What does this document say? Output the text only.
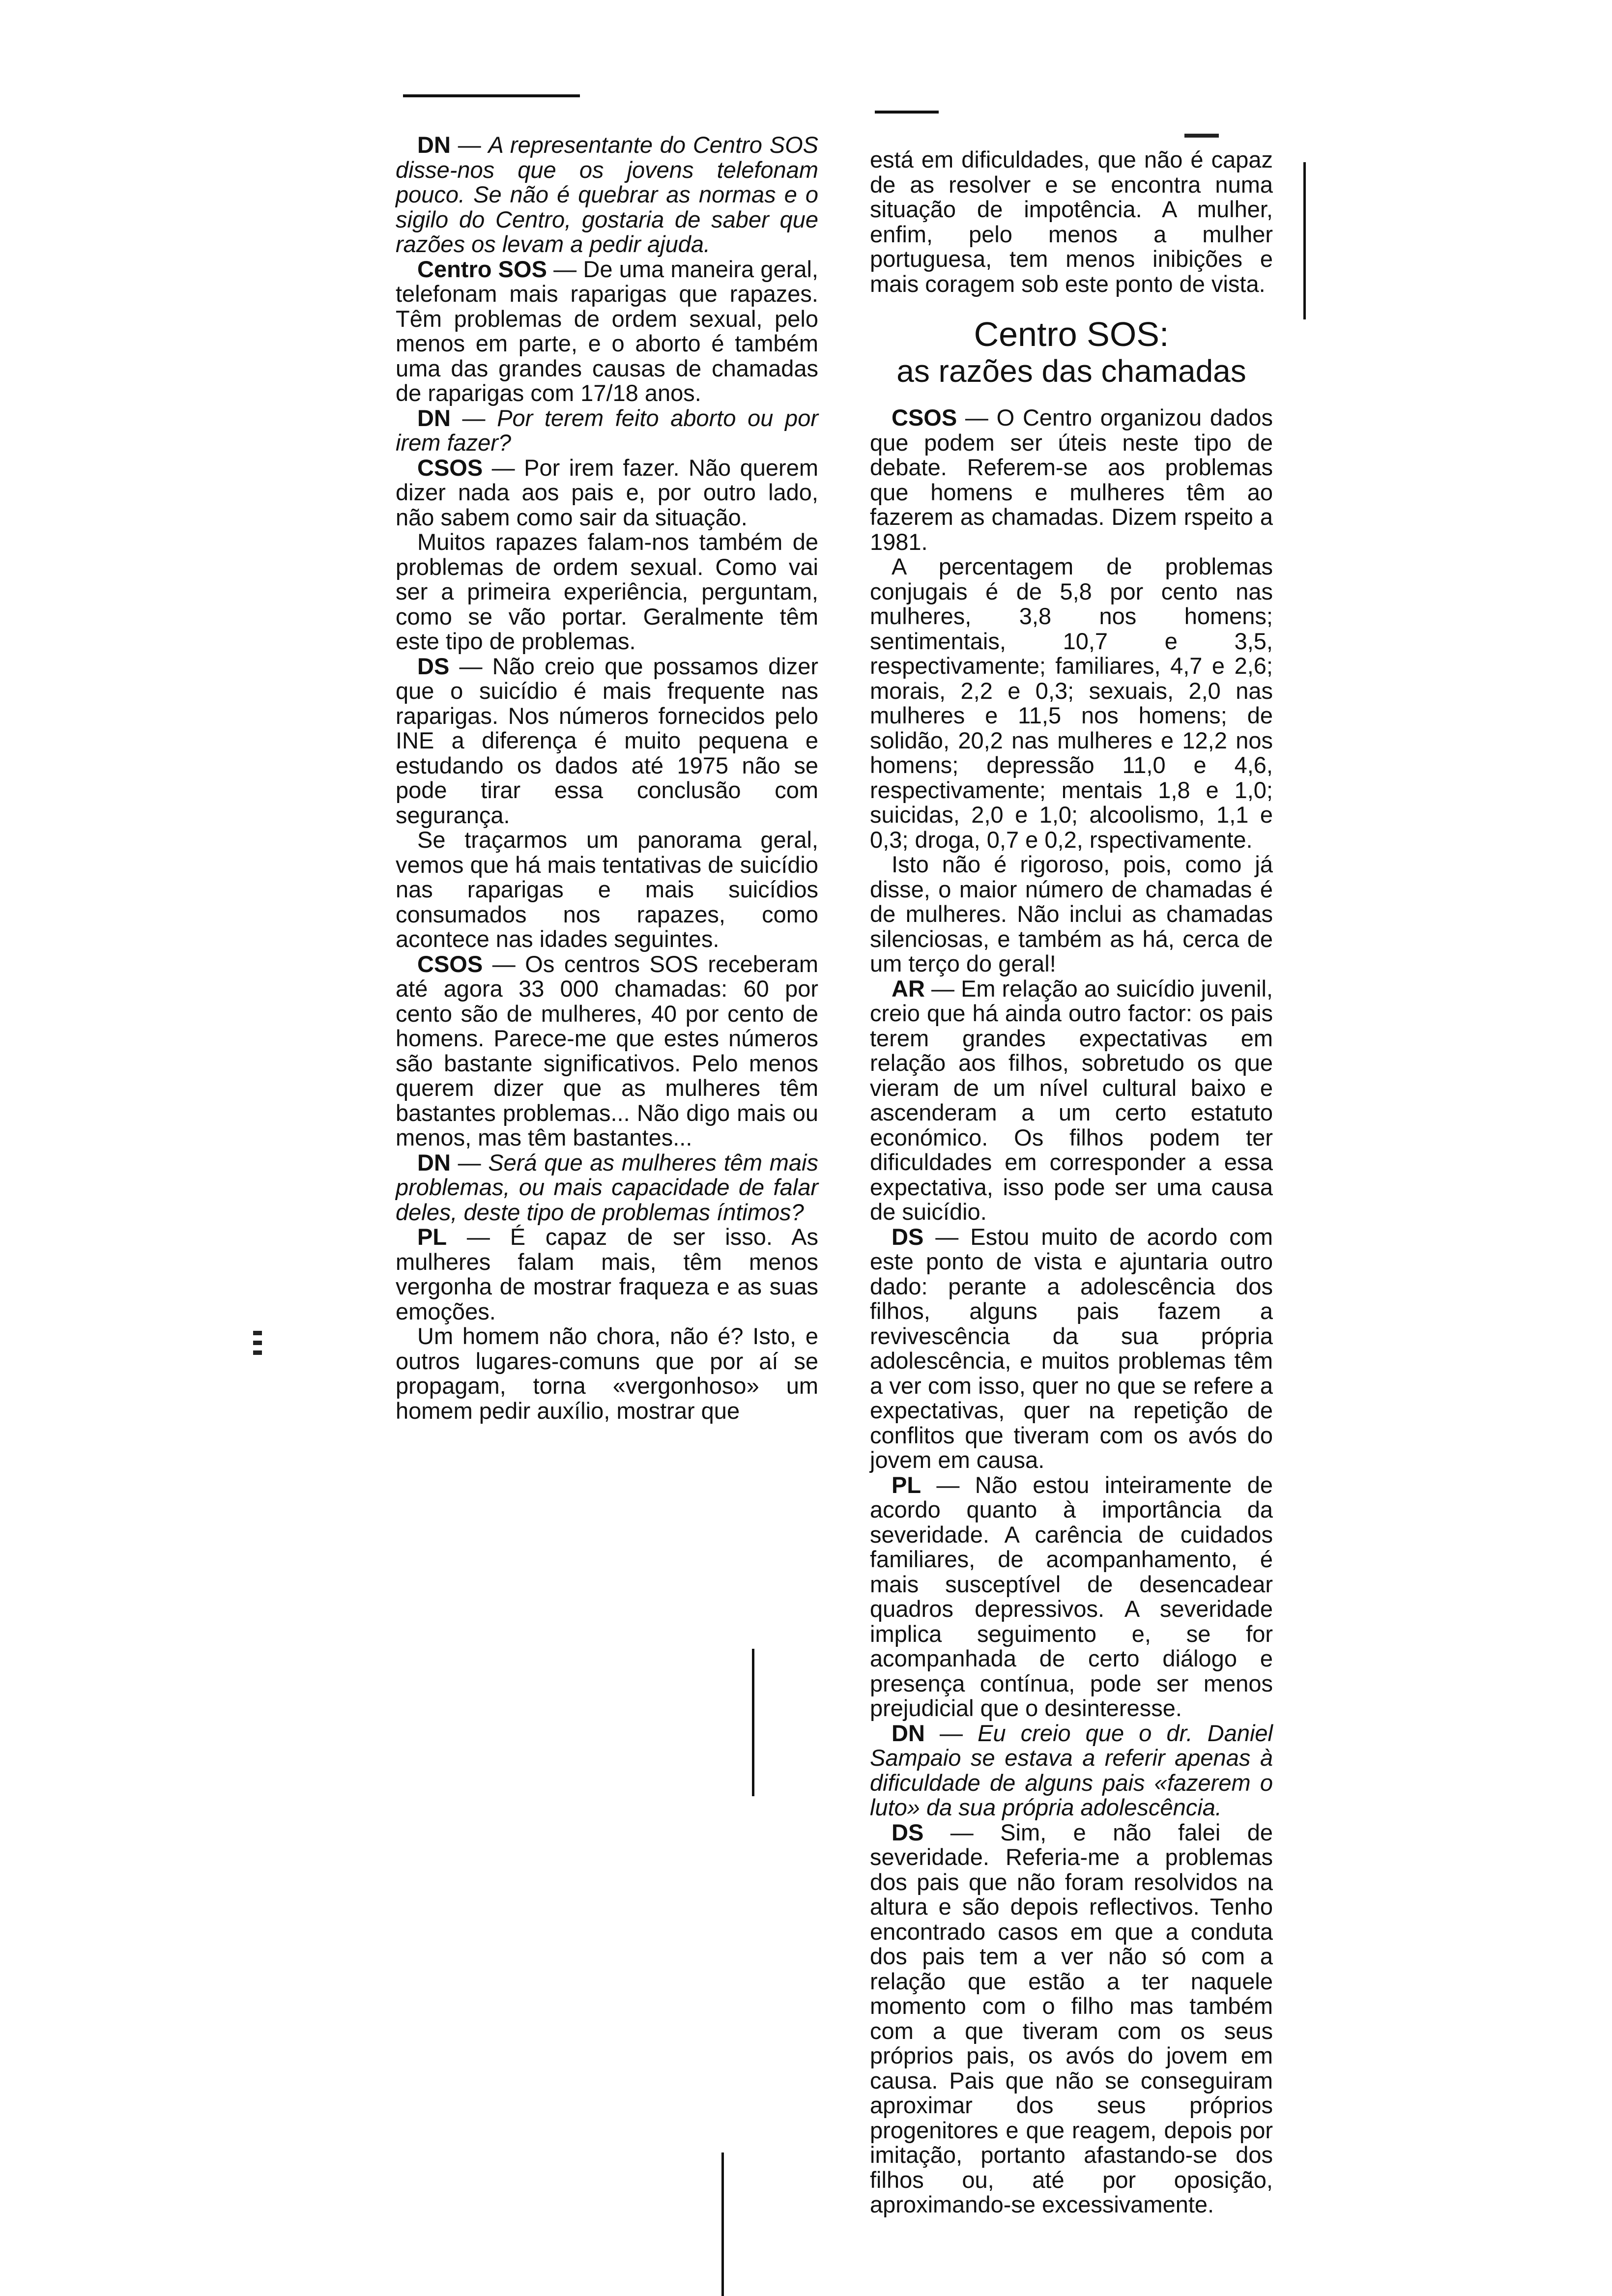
DN — A representante do Centro SOS disse-nos que os jovens telefonam pouco. Se não é quebrar as normas e o sigilo do Centro, gostaria de saber que razões os levam a pedir ajuda.

Centro SOS — De uma maneira geral, telefonam mais raparigas que rapazes. Têm problemas de ordem sexual, pelo menos em parte, e o aborto é também uma das grandes causas de chamadas de raparigas com 17/18 anos.

DN — Por terem feito aborto ou por irem fazer?

CSOS — Por irem fazer. Não querem dizer nada aos pais e, por outro lado, não sabem como sair da situação.

Muitos rapazes falam-nos também de problemas de ordem sexual. Como vai ser a primeira experiência, perguntam, como se vão portar. Geralmente têm este tipo de problemas.

DS — Não creio que possamos dizer que o suicídio é mais frequente nas raparigas. Nos números fornecidos pelo INE a diferença é muito pequena e estudando os dados até 1975 não se pode tirar essa conclusão com segurança.

Se traçarmos um panorama geral, vemos que há mais tentativas de suicídio nas raparigas e mais suicídios consumados nos rapazes, como acontece nas idades seguintes.

CSOS — Os centros SOS receberam até agora 33 000 chamadas: 60 por cento são de mulheres, 40 por cento de homens. Parece-me que estes números são bastante significativos. Pelo menos querem dizer que as mulheres têm bastantes problemas... Não digo mais ou menos, mas têm bastantes...

DN — Será que as mulheres têm mais problemas, ou mais capacidade de falar deles, deste tipo de problemas íntimos?

PL — É capaz de ser isso. As mulheres falam mais, têm menos vergonha de mostrar fraqueza e as suas emoções.

Um homem não chora, não é? Isto, e outros lugares-comuns que por aí se propagam, torna «vergonhoso» um homem pedir auxílio, mostrar que

está em dificuldades, que não é capaz de as resolver e se encontra numa situação de impotência. A mulher, enfim, pelo menos a mulher portuguesa, tem menos inibições e mais coragem sob este ponto de vista.

Centro SOS:
as razões das chamadas

CSOS — O Centro organizou dados que podem ser úteis neste tipo de debate. Referem-se aos problemas que homens e mulheres têm ao fazerem as chamadas. Dizem rspeito a 1981.

A percentagem de problemas conjugais é de 5,8 por cento nas mulheres, 3,8 nos homens; sentimentais, 10,7 e 3,5, respectivamente; familiares, 4,7 e 2,6; morais, 2,2 e 0,3; sexuais, 2,0 nas mulheres e 11,5 nos homens; de solidão, 20,2 nas mulheres e 12,2 nos homens; depressão 11,0 e 4,6, respectivamente; mentais 1,8 e 1,0; suicidas, 2,0 e 1,0; alcoolismo, 1,1 e 0,3; droga, 0,7 e 0,2, rspectivamente.

Isto não é rigoroso, pois, como já disse, o maior número de chamadas é de mulheres. Não inclui as chamadas silenciosas, e também as há, cerca de um terço do geral!

AR — Em relação ao suicídio juvenil, creio que há ainda outro factor: os pais terem grandes expectativas em relação aos filhos, sobretudo os que vieram de um nível cultural baixo e ascenderam a um certo estatuto económico. Os filhos podem ter dificuldades em corresponder a essa expectativa, isso pode ser uma causa de suicídio.

DS — Estou muito de acordo com este ponto de vista e ajuntaria outro dado: perante a adolescência dos filhos, alguns pais fazem a revivescência da sua própria adolescência, e muitos problemas têm a ver com isso, quer no que se refere a expectativas, quer na repetição de conflitos que tiveram com os avós do jovem em causa.

PL — Não estou inteiramente de acordo quanto à importância da severidade. A carência de cuidados familiares, de acompanhamento, é mais susceptível de desencadear quadros depressivos. A severidade implica seguimento e, se for acompanhada de certo diálogo e presença contínua, pode ser menos prejudicial que o desinteresse.

DN — Eu creio que o dr. Daniel Sampaio se estava a referir apenas à dificuldade de alguns pais «fazerem o luto» da sua própria adolescência.

DS — Sim, e não falei de severidade. Referia-me a problemas dos pais que não foram resolvidos na altura e são depois reflectivos. Tenho encontrado casos em que a conduta dos pais tem a ver não só com a relação que estão a ter naquele momento com o filho mas também com a que tiveram com os seus próprios pais, os avós do jovem em causa. Pais que não se conseguiram aproximar dos seus próprios progenitores e que reagem, depois por imitação, portanto afastando-se dos filhos ou, até por oposição, aproximando-se excessivamente.
